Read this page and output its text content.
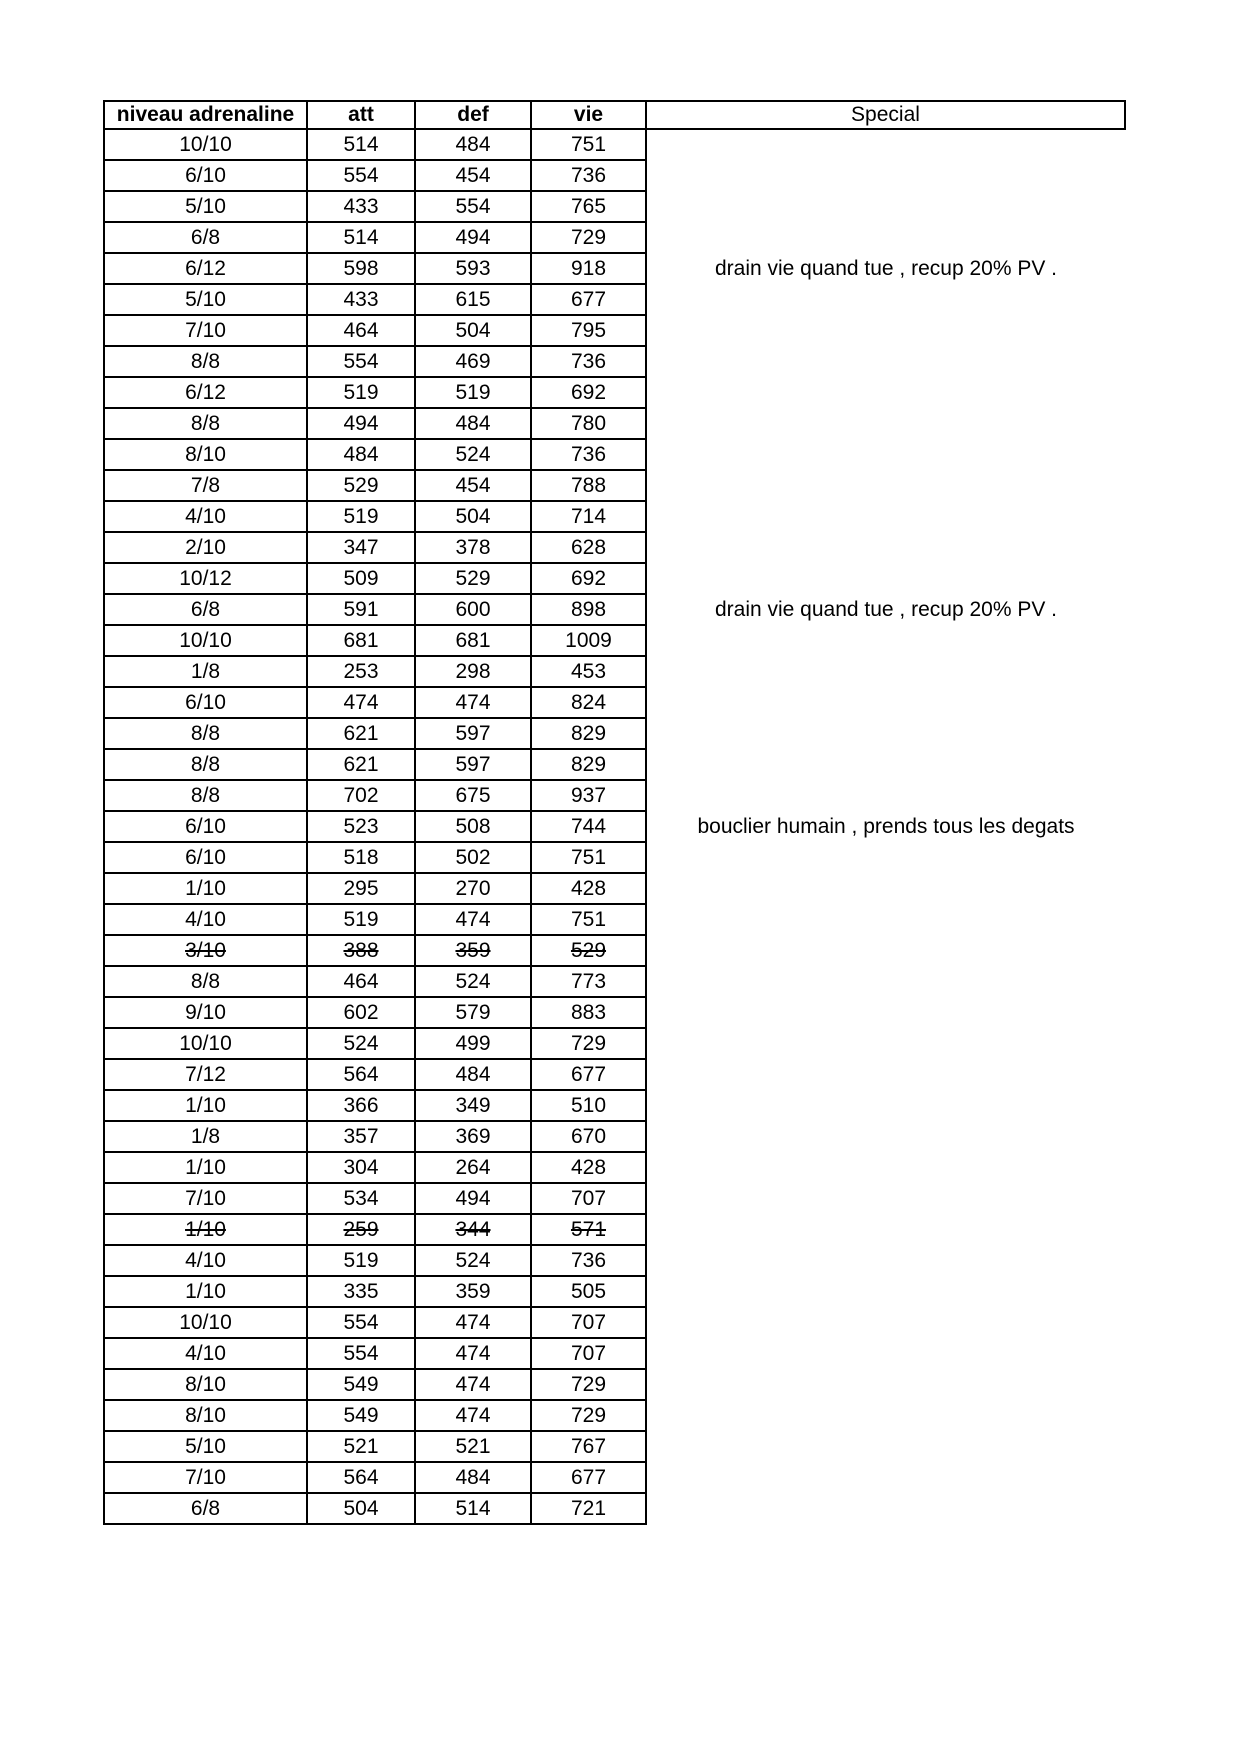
niveau adrenaline	att	def	vie	Special
10/10	514	484	751	
6/10	554	454	736	
5/10	433	554	765	
6/8	514	494	729	
6/12	598	593	918	drain vie quand tue , recup 20% PV .
5/10	433	615	677	
7/10	464	504	795	
8/8	554	469	736	
6/12	519	519	692	
8/8	494	484	780	
8/10	484	524	736	
7/8	529	454	788	
4/10	519	504	714	
2/10	347	378	628	
10/12	509	529	692	
6/8	591	600	898	drain vie quand tue , recup 20% PV .
10/10	681	681	1009	
1/8	253	298	453	
6/10	474	474	824	
8/8	621	597	829	
8/8	621	597	829	
8/8	702	675	937	
6/10	523	508	744	bouclier humain , prends tous les degats
6/10	518	502	751	
1/10	295	270	428	
4/10	519	474	751	
3/10	388	359	529	
8/8	464	524	773	
9/10	602	579	883	
10/10	524	499	729	
7/12	564	484	677	
1/10	366	349	510	
1/8	357	369	670	
1/10	304	264	428	
7/10	534	494	707	
1/10	259	344	571	
4/10	519	524	736	
1/10	335	359	505	
10/10	554	474	707	
4/10	554	474	707	
8/10	549	474	729	
8/10	549	474	729	
5/10	521	521	767	
7/10	564	484	677	
6/8	504	514	721	
